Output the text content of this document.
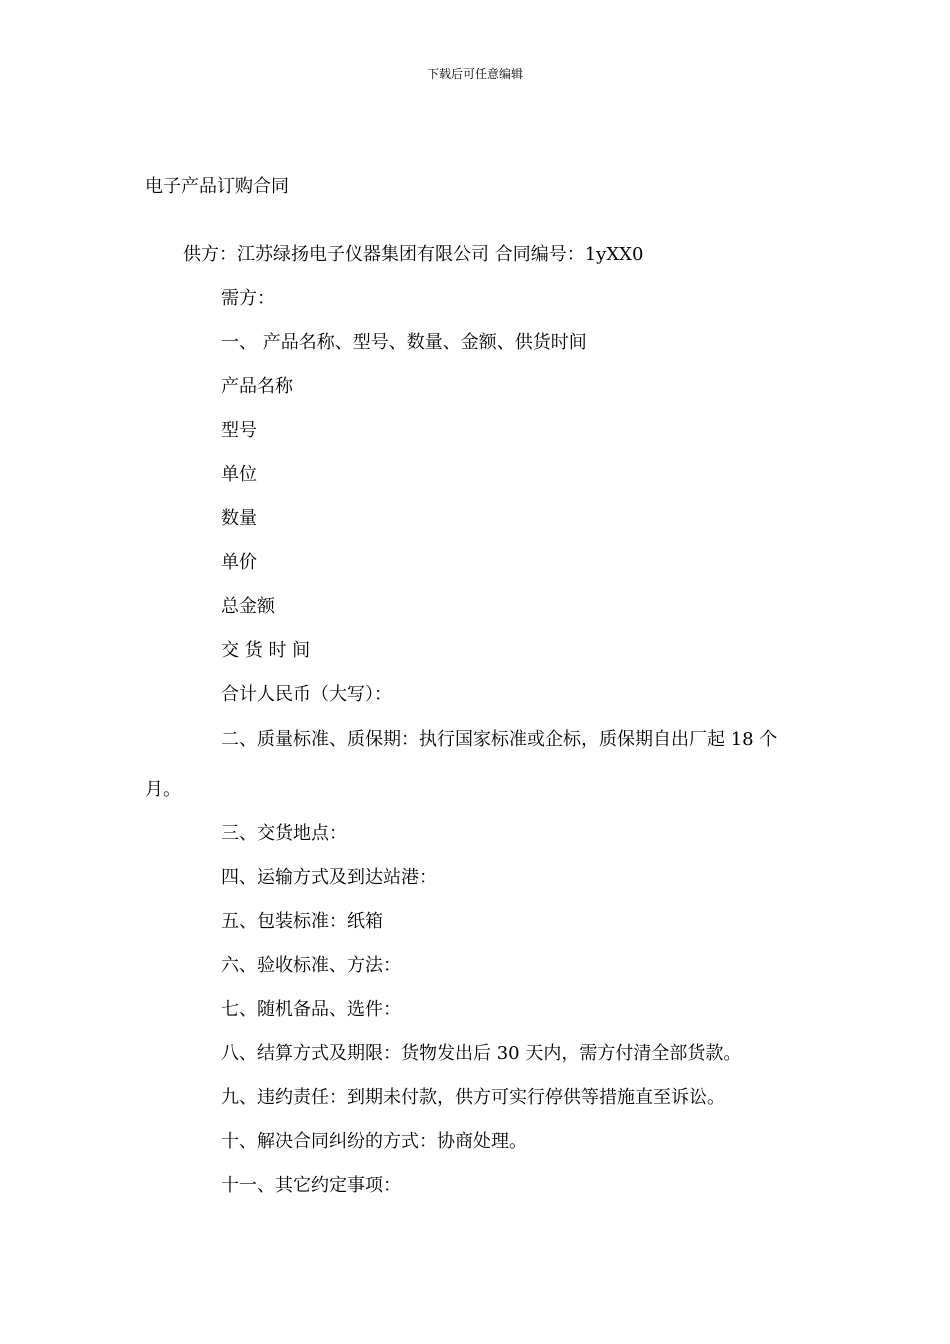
下载后可任意编辑
电子产品订购合同
供方：江苏绿扬电子仪器集团有限公司 合同编号：1yXX0
需方：
一、 产品名称、型号、数量、金额、供货时间
产品名称
型号
单位
数量
单价
总金额
交 货 时 间
合计人民币（大写）：
二、质量标准、质保期：执行国家标准或企标，质保期自出厂起 18 个
月。
三、交货地点：
四、运输方式及到达站港：
五、包装标准：纸箱
六、验收标准、方法：
七、随机备品、选件：
八、结算方式及期限：货物发出后 30 天内，需方付清全部货款。
九、违约责任：到期未付款，供方可实行停供等措施直至诉讼。
十、解决合同纠纷的方式：协商处理。
十一、其它约定事项：
